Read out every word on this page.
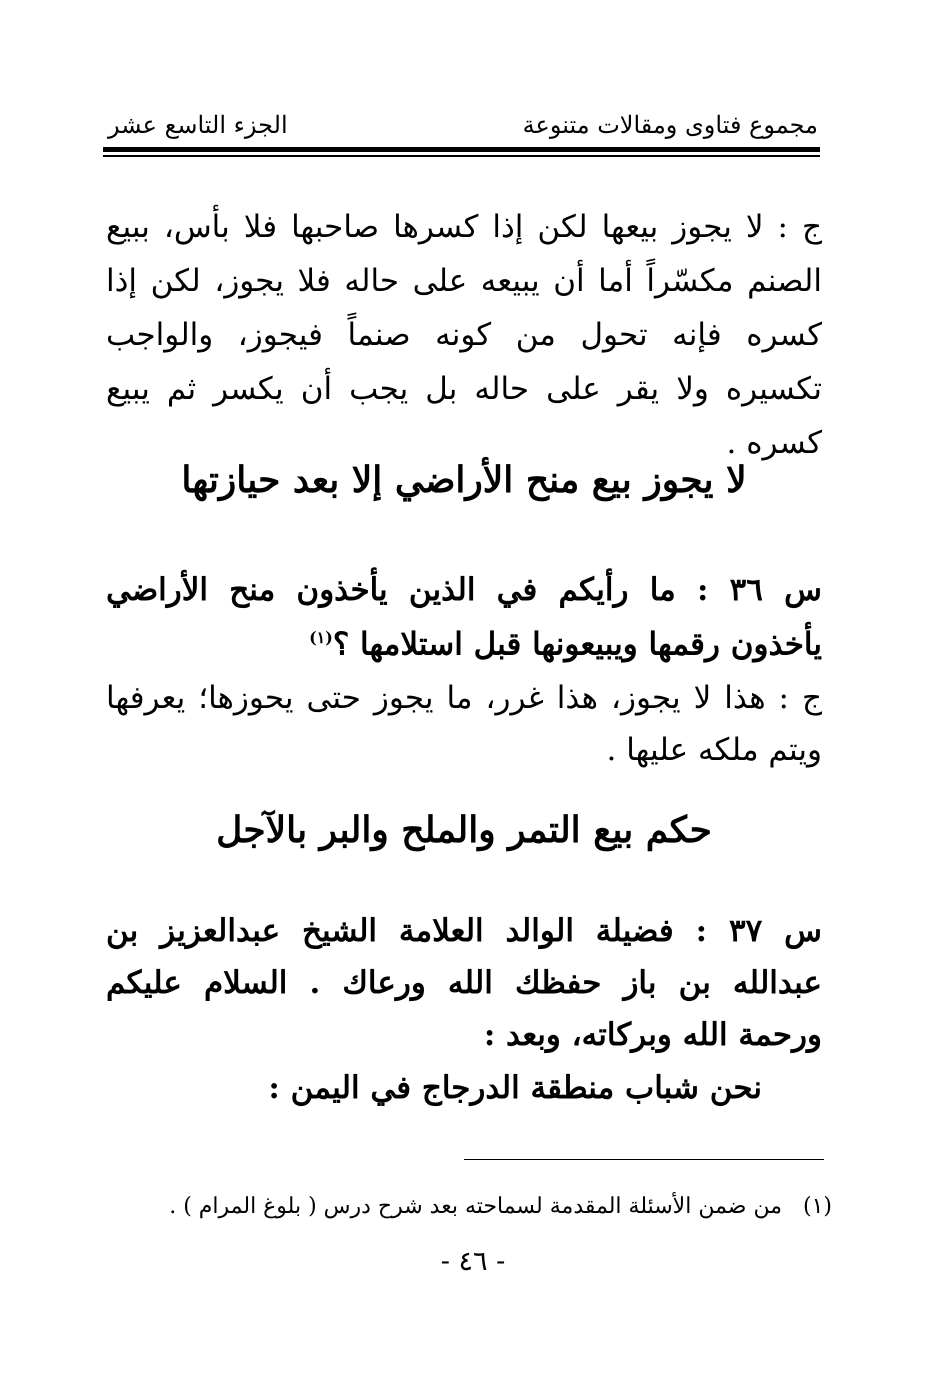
مجموع فتاوى ومقالات متنوعة
الجزء التاسع عشر

ج : لا يجوز بيعها لكن إذا كسرها صاحبها فلا بأس، ببيع الصنم مكسّراً أما أن يبيعه على حاله فلا يجوز، لكن إذا كسره فإنه تحول من كونه صنماً فيجوز، والواجب تكسيره ولا يقر على حاله بل يجب أن يكسر ثم يبيع كسره .

لا يجوز بيع منح الأراضي إلا بعد حيازتها

س ٣٦ : ما رأيكم في الذين يأخذون منح الأراضي يأخذون رقمها ويبيعونها قبل استلامها ؟$^{(١)}$

ج : هذا لا يجوز، هذا غرر، ما يجوز حتى يحوزها؛ يعرفها ويتم ملكه عليها .

حكم بيع التمر والملح والبر بالآجل

س ٣٧ : فضيلة الوالد العلامة الشيخ عبدالعزيز بن عبدالله بن باز حفظك الله ورعاك . السلام عليكم ورحمة الله وبركاته، وبعد :

نحن شباب منطقة الدرجاج في اليمن :

(١)   من ضمن الأسئلة المقدمة لسماحته بعد شرح درس ( بلوغ المرام ) .
- ٤٦ -
